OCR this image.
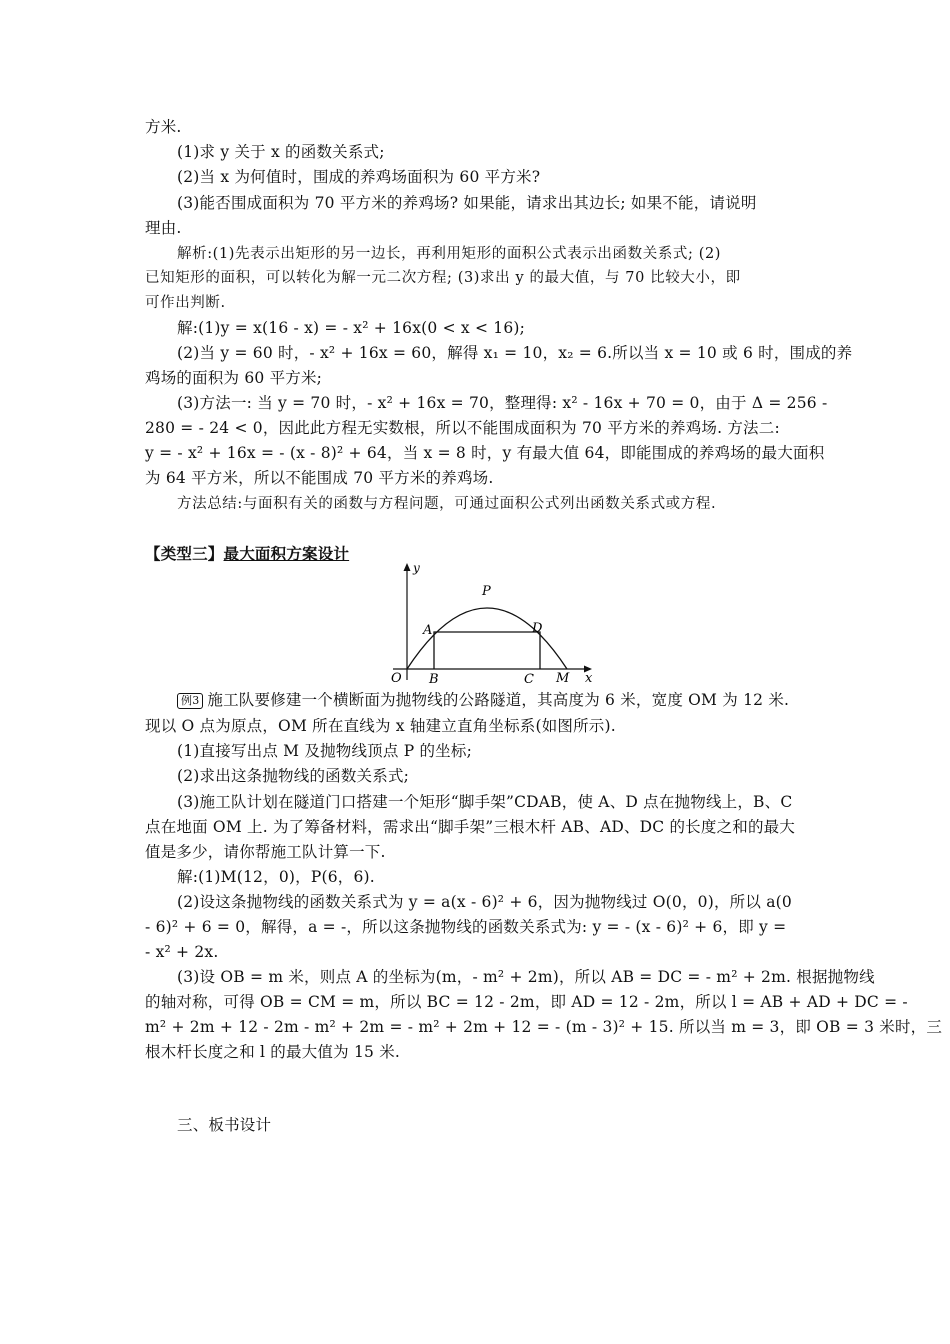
方米.
(1)求 y 关于 x 的函数关系式;
(2)当 x 为何值时，围成的养鸡场面积为 60 平方米?
(3)能否围成面积为 70 平方米的养鸡场? 如果能，请求出其边长; 如果不能，请说明
理由.
解析:(1)先表示出矩形的另一边长，再利用矩形的面积公式表示出函数关系式; (2)
已知矩形的面积，可以转化为解一元二次方程; (3)求出 y 的最大值，与 70 比较大小，即
可作出判断.
解:(1)y = x(16 - x) = - x² + 16x(0 < x < 16);
(2)当 y = 60 时，- x² + 16x = 60，解得 x₁ = 10，x₂ = 6.所以当 x = 10 或 6 时，围成的养
鸡场的面积为 60 平方米;
(3)方法一: 当 y = 70 时，- x² + 16x = 70，整理得: x² - 16x + 70 = 0，由于 Δ = 256 -
280 = - 24 < 0，因此此方程无实数根，所以不能围成面积为 70 平方米的养鸡场. 方法二:
y = - x² + 16x = - (x - 8)² + 64，当 x = 8 时，y 有最大值 64，即能围成的养鸡场的最大面积
为 64 平方米，所以不能围成 70 平方米的养鸡场.
方法总结:与面积有关的函数与方程问题，可通过面积公式列出函数关系式或方程.
【类型三】最大面积方案设计
y
x
O B	C M
A	D
P
例3 施工队要修建一个横断面为抛物线的公路隧道，其高度为 6 米，宽度 OM 为 12 米.
现以 O 点为原点，OM 所在直线为 x 轴建立直角坐标系(如图所示).
(1)直接写出点 M 及抛物线顶点 P 的坐标;
(2)求出这条抛物线的函数关系式;
(3)施工队计划在隧道门口搭建一个矩形“脚手架”CDAB，使 A、D 点在抛物线上，B、C
点在地面 OM 上. 为了筹备材料，需求出“脚手架”三根木杆 AB、AD、DC 的长度之和的最大
值是多少，请你帮施工队计算一下.
解:(1)M(12，0)，P(6，6).
(2)设这条抛物线的函数关系式为 y = a(x - 6)² + 6，因为抛物线过 O(0，0)，所以 a(0
- 6)² + 6 = 0，解得，a = -，所以这条抛物线的函数关系式为: y = - (x - 6)² + 6，即 y =
- x² + 2x.
(3)设 OB = m 米，则点 A 的坐标为(m，- m² + 2m)，所以 AB = DC = - m² + 2m. 根据抛物线
的轴对称，可得 OB = CM = m，所以 BC = 12 - 2m，即 AD = 12 - 2m，所以 l = AB + AD + DC = -
m² + 2m + 12 - 2m - m² + 2m = - m² + 2m + 12 = - (m - 3)² + 15. 所以当 m = 3，即 OB = 3 米时，三
根木杆长度之和 l 的最大值为 15 米.
三、板书设计
